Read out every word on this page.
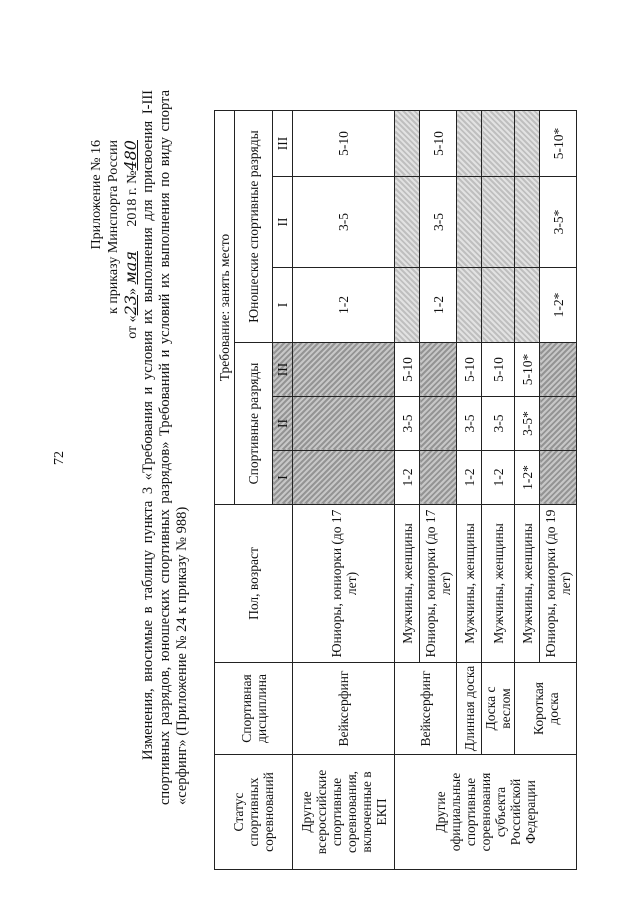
72
Приложение № 16 к приказу Минспорта России
от «23» мая       2018 г. №480 Изменения, вносимые в таблицу пункта 3 «Требования и условия их выполнения для присвоения I-III спортивных разрядов, юношеских спортивных разрядов» Требований и условий их выполнения по виду спорта «серфинг» (Приложение № 24 к приказу № 988)
Статус спортивных соревнований	Спортивная дисциплина	Пол, возраст	Требование: занять место					
			Спортивные разряды			Юношеские спортивные разряды		
			I	II	III	I	II	III
Другие всероссийские спортивные соревнования, включенные в ЕКП	Вейксерфинг	Юниоры, юниорки (до 17 лет)				1-2	3-5	5-10
Другие официальные спортивные соревнования субъекта Российской Федерации	Вейксерфинг	Мужчины, женщины	1-2	3-5	5-10			
		Юниоры, юниорки (до 17 лет)				1-2	3-5	5-10
	Длинная доска	Мужчины, женщины	1-2	3-5	5-10			
	Доска с веслом	Мужчины, женщины	1-2	3-5	5-10			
	Короткая доска	Мужчины, женщины	1-2*	3-5*	5-10*			
		Юниоры, юниорки (до 19 лет)				1-2*	3-5*	5-10*
